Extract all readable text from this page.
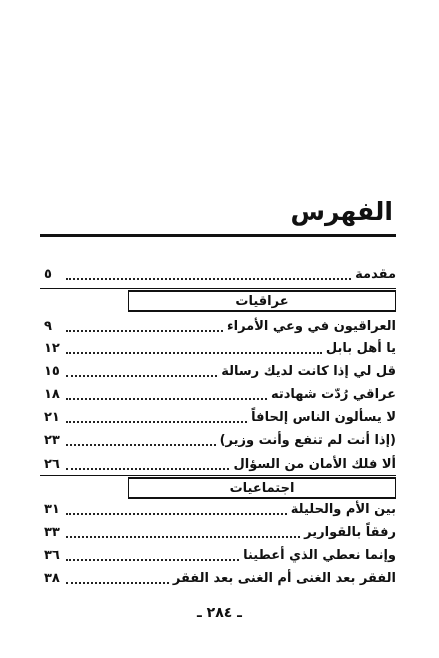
الفهرس
مقدمة
٥
عراقيات
العراقيون في وعي الأمراء
٩
يا أهل بابل
١٢
قل لي إذا كانت لديك رسالة
١٥
عراقي رُدّت شهادته
١٨
لا يسألون الناس إلحافاً
٢١
(إذا أنت لم تنفع وأنت وزير)
٢٣
ألا فلك الأمان من السؤال
٢٦
اجتماعيات
بين الأم والحليلة
٣١
رفقاً بالقوارير
٣٣
وإنما نعطي الذي أعطينا
٣٦
الفقر بعد الغنى أم الغنى بعد الفقر
٣٨
ـ ٢٨٤ ـ
